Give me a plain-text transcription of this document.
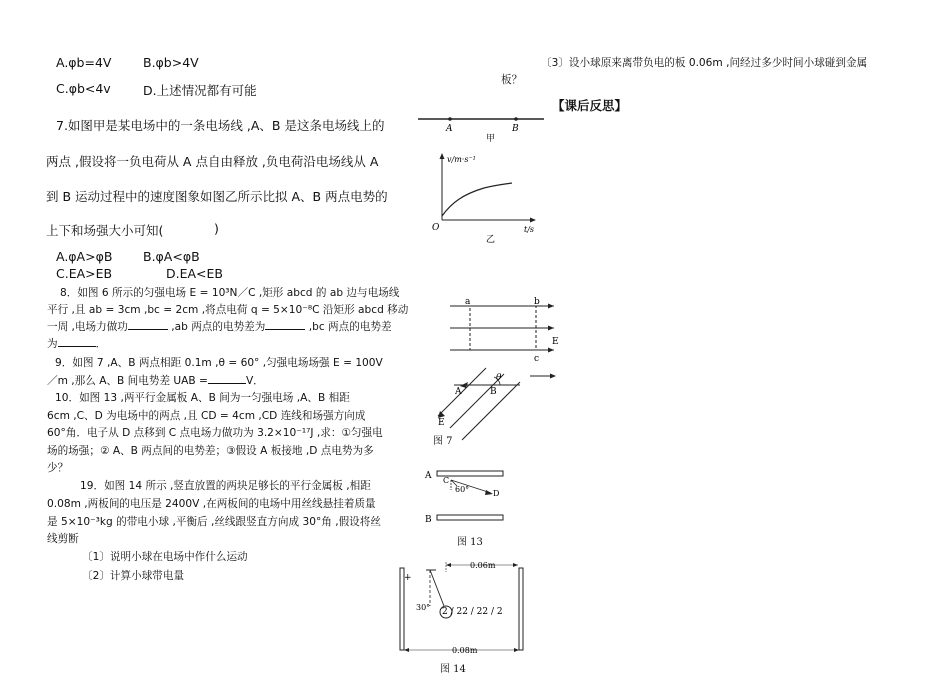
A.φb=4V	B.φb>4V
C.φb<4v	D.上述情况都有可能
7.如图甲是某电场中的一条电场线 ,A、B 是这条电场线上的
两点 ,假设将一负电荷从 A 点自由释放 ,负电荷沿电场线从 A
到 B 运动过程中的速度图象如图乙所示比拟 A、B 两点电势的
上下和场强大小可知(	)
A.φA>φB B.φA<φB
C.EA>EB	D.EA<EB
A	B
甲
v/m·s⁻¹
t/s
O
乙
8．如图 6 所示的匀强电场 E = 10³N／C ,矩形 abcd 的 ab 边与电场线
平行 ,且 ab = 3cm ,bc = 2cm ,将点电荷 q = 5×10⁻⁸C 沿矩形 abcd 移动
一周 ,电场力做功	,ab 两点的电势差为	,bc 两点的电势差
为	．
a	b
c
E
9．如图 7 ,A、B 两点相距 0.1m ,θ = 60° ,匀强电场场强 E = 100V
／m ,那么 A、B 间电势差 UAB =	V．
A	B
θ
E
图 7
10．如图 13 ,两平行金属板 A、B 间为一匀强电场 ,A、B 相距
6cm ,C、D 为电场中的两点 ,且 CD = 4cm ,CD 连线和场强方向成
60°角．电子从 D 点移到 C 点电场力做功为 3.2×10⁻¹⁷J ,求：①匀强电
场的场强；② A、B 两点间的电势差；③假设 A 板接地 ,D 点电势为多
少？
A
B
C
D
60°
图 13
19．如图 14 所示 ,竖直放置的两块足够长的平行金属板 ,相距
0.08m ,两板间的电压是 2400V ,在两板间的电场中用丝线悬挂着质量
是 5×10⁻³kg 的带电小球 ,平衡后 ,丝线跟竖直方向成 30°角 ,假设将丝
线剪断
〔1〕说明小球在电场中作什么运动
〔2〕计算小球带电量
〔3〕设小球原来离带负电的板 0.06m ,问经过多少时间小球碰到金属
板？
【课后反思】
+
30°
0.06m
0.08m
2 / 22 / 22 / 2
图 14
